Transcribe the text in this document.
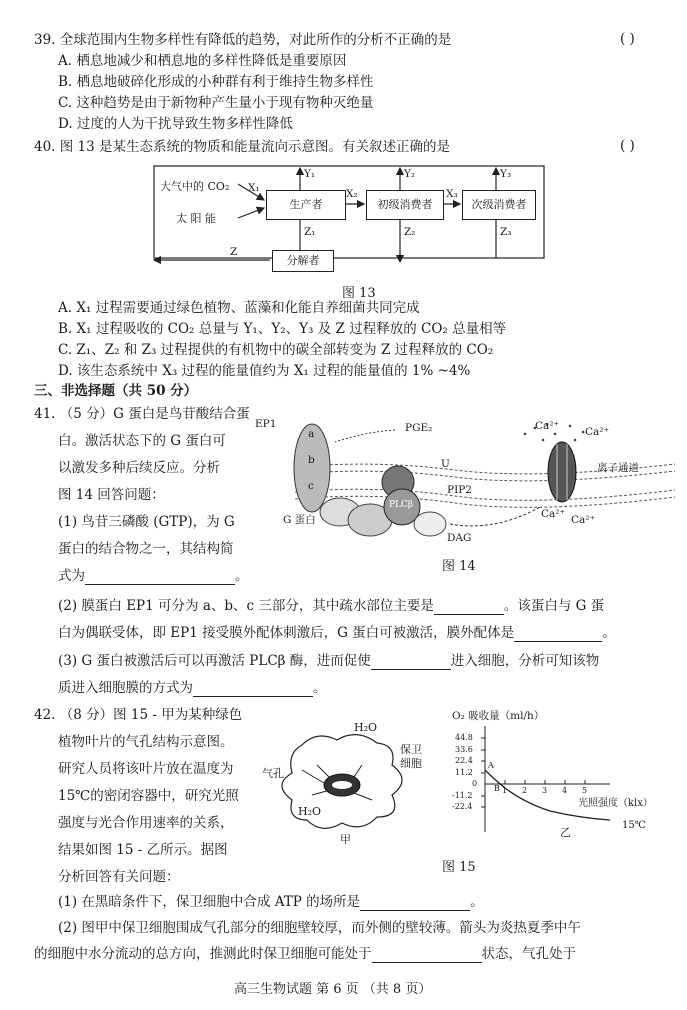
39. 全球范围内生物多样性有降低的趋势，对此所作的分析不正确的是	( )
A. 栖息地减少和栖息地的多样性降低是重要原因
B. 栖息地破碎化形成的小种群有利于维持生物多样性
C. 这种趋势是由于新物种产生量小于现有物种灭绝量
D. 过度的人为干扰导致生物多样性降低
40. 图 13 是某生态系统的物质和能量流向示意图。有关叙述正确的是	( )
大气中的 CO₂
太 阳 能
生产者	初级消费者	次级消费者
分解者
X₁	X₂	X₃
Y₁	Y₂	Y₃
Z₁	Z₂	Z₃
Z
图 13
A. X₁ 过程需要通过绿色植物、蓝藻和化能自养细菌共同完成
B. X₁ 过程吸收的 CO₂ 总量与 Y₁、Y₂、Y₃ 及 Z 过程释放的 CO₂ 总量相等
C. Z₁、Z₂ 和 Z₃ 过程提供的有机物中的碳全部转变为 Z 过程释放的 CO₂
D. 该生态系统中 X₃ 过程的能量值约为 X₁ 过程的能量值的 1% ~4%
三、非选择题（共 50 分）
41. （5 分）G 蛋白是鸟苷酸结合蛋
白。激活状态下的 G 蛋白可
以激发多种后续反应。分析
图 14 回答问题：
(1) 鸟苷三磷酸 (GTP)，为 G
蛋白的结合物之一，其结构简
式为	。
EP1
a
b
c
PGE₂	Ca²⁺ Ca²⁺
离子通道
U
PIP2
PLCβ
G 蛋白
DAG
Ca²⁺ Ca²⁺
图 14
(2) 膜蛋白 EP1 可分为 a、b、c 三部分，其中疏水部位主要是	。该蛋白与 G 蛋
白为偶联受体，即 EP1 接受膜外配体刺激后，G 蛋白可被激活，膜外配体是	。
(3) G 蛋白被激活后可以再激活 PLCβ 酶，进而促使	进入细胞，分析可知该物
质进入细胞膜的方式为	。
42. （8 分）图 15 - 甲为某种绿色
植物叶片的气孔结构示意图。
研究人员将该叶片放在温度为
15℃的密闭容器中，研究光照
强度与光合作用速率的关系，
结果如图 15 - 乙所示。据图
分析回答有关问题：
H₂O
H₂O
气孔
保卫
细胞
甲
O₂ 吸收量（ml/h）
44.8
33.6
22.4
11.2
0
-11.2
-22.4
1 2 3 4 5
A
B
光照强度（klx）
15℃
乙
图 15
(1) 在黑暗条件下，保卫细胞中合成 ATP 的场所是	。
(2) 图甲中保卫细胞围成气孔部分的细胞壁较厚，而外侧的壁较薄。箭头为炎热夏季中午
的细胞中水分流动的总方向，推测此时保卫细胞可能处于	状态，气孔处于
高三生物试题 第 6 页 （共 8 页）
